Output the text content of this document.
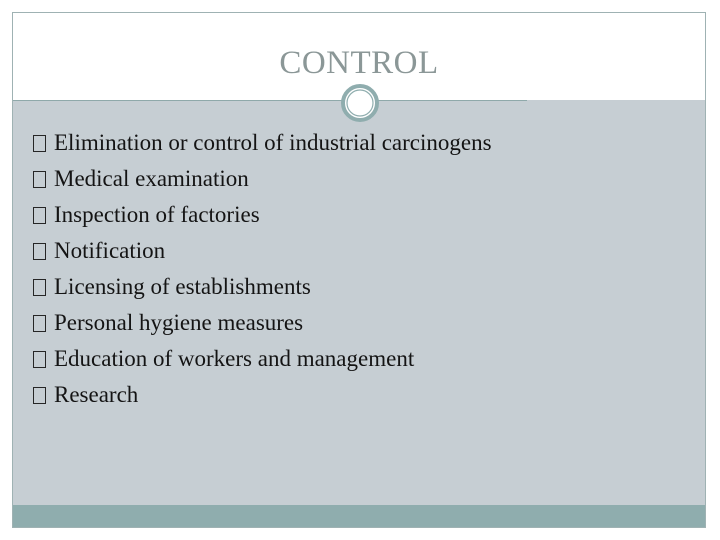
CONTROL
Elimination or control of industrial carcinogens
Medical examination
Inspection of factories
Notification
Licensing of establishments
Personal hygiene measures
Education of workers and management
Research
